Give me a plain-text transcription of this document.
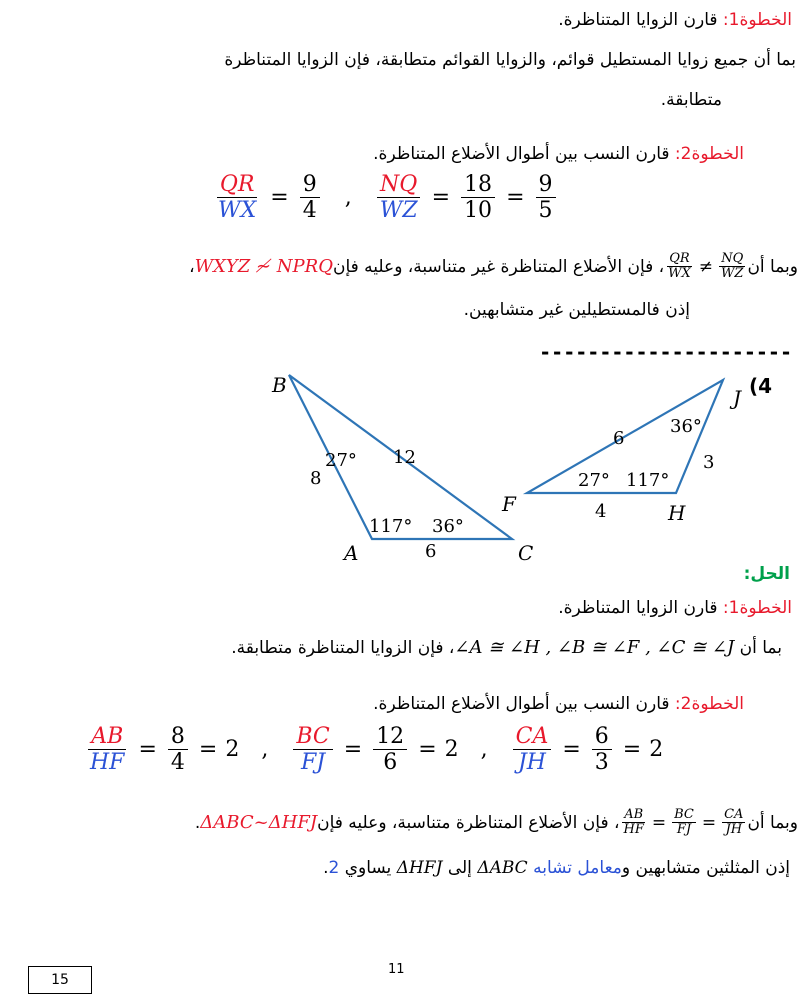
الخطوة1: قارن الزوايا المتناظرة.
بما أن جميع زوايا المستطيل قوائم، والزوايا القوائم متطابقة، فإن الزوايا المتناظرة
متطابقة.
الخطوة2: قارن النسب بين أطوال الأضلاع المتناظرة.
$\frac{QR}{WX} = \frac{9}{4}$ , $\frac{NQ}{WZ} = \frac{18}{10} = \frac{9}{5}$
وبما أن
QR
WX ≠ NQ
WZ
، فإن الأضلاع المتناظرة غير متناسبة، وعليه فإن
WXYZ ≁ NPRQ
،
إذن فالمستطيلين غير متشابهين.
---------------------
(4
B
A	C
27° 12
8
117° 36°
6
J
F	H
6
36°
3
27° 117°
4
الحل:
الخطوة1: قارن الزوايا المتناظرة.
بما أن ∠A ≅ ∠H , ∠B ≅ ∠F , ∠C ≅ ∠J، فإن الزوايا المتناظرة متطابقة.
الخطوة2: قارن النسب بين أطوال الأضلاع المتناظرة.
$\frac{AB}{HF} = \frac{8}{4} = 2$ , $\frac{BC}{FJ} = \frac{12}{6} = 2$ , $\frac{CA}{JH} = \frac{6}{3} = 2$
وبما أن
$\frac{AB}{HF} = \frac{BC}{FJ} = \frac{CA}{JH}$
، فإن الأضلاع المتناظرة متناسبة، وعليه فإن
ΔABC~ΔHFJ
.
إذن المثلثين متشابهين ومعامل تشابه ΔABC إلى ΔHFJ يساوي 2.
15
11
